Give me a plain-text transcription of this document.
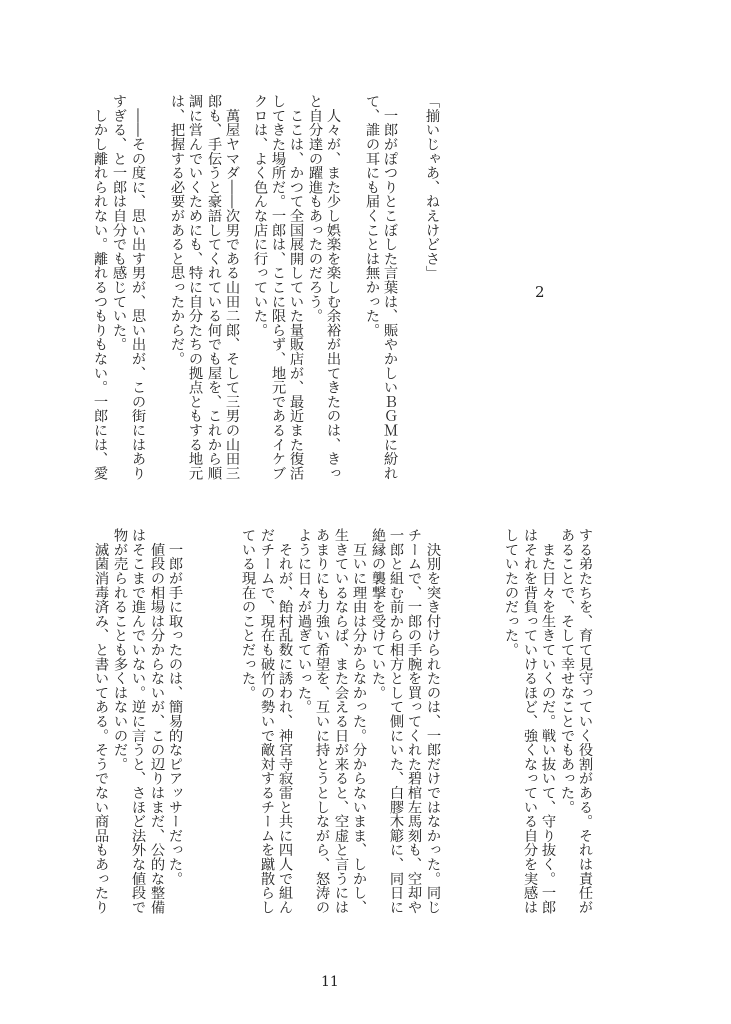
2
「揃いじゃあ、ねえけどさ」
　一郎がぽつりとこぼした言葉は、賑やかしいＢＧＭに紛れ
て、誰の耳にも届くことは無かった。
　人々が、また少し娯楽を楽しむ余裕が出てきたのは、きっ
と自分達の躍進もあったのだろう。
　ここは、かつて全国展開していた量販店が、最近また復活
してきた場所だ。一郎は、ここに限らず、地元であるイケブ
クロは、よく色んな店に行っていた。
　萬屋ヤマダ――次男である山田二郎、そして三男の山田三
郎も、手伝うと豪語してくれている何でも屋を、これから順
調に営んでいくためにも、特に自分たちの拠点ともする地元
は、把握する必要があると思ったからだ。
　――その度に、思い出す男が、思い出が、この街にはあり
すぎる、と一郎は自分でも感じていた。
　しかし離れられない。離れるつもりもない。一郎には、愛
する弟たちを、育て見守っていく役割がある。それは責任が
あることで、そして幸せなことでもあった。
　また日々を生きていくのだ。戦い抜いて、守り抜く。一郎
はそれを背負っていけるほど、強くなっている自分を実感は
していたのだった。
　決別を突き付けられたのは、一郎だけではなかった。同じ
チームで、一郎の手腕を買ってくれた碧棺左馬刻も、空却や
一郎と組む前から相方として側にいた、白膠木簓に、同日に
絶縁の襲撃を受けていた。
　互いに理由は分からなかった。分からないまま、しかし、
生きているならば、また会える日が来ると、空虚と言うには
あまりにも力強い希望を、互いに持とうとしながら、怒涛の
ように日々が過ぎていった。
　それが、飴村乱数に誘われ、神宮寺寂雷と共に四人で組ん
だチームで、現在も破竹の勢いで敵対するチームを蹴散らし
ている現在のことだった。
　一郎が手に取ったのは、簡易的なピアッサーだった。
　値段の相場は分からないが、この辺りはまだ、公的な整備
はそこまで進んでいない。逆に言うと、さほど法外な値段で
物が売られることも多くはないのだ。
　滅菌消毒済み、と書いてある。そうでない商品もあったり
11
